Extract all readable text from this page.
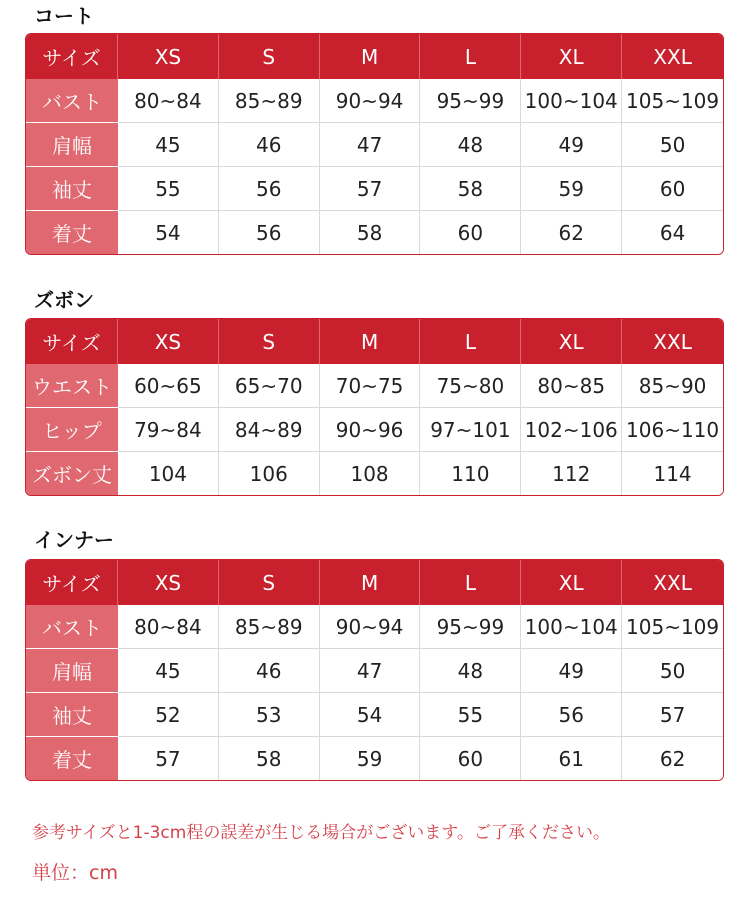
コート
サイズ	XS	S	M	L	XL	XXL
バスト	80~84	85~89	90~94	95~99	100~104	105~109
肩幅	45	46	47	48	49	50
袖丈	55	56	57	58	59	60
着丈	54	56	58	60	62	64
ズボン
サイズ	XS	S	M	L	XL	XXL
ウエスト	60~65	65~70	70~75	75~80	80~85	85~90
ヒップ	79~84	84~89	90~96	97~101	102~106	106~110
ズボン丈	104	106	108	110	112	114
インナー
サイズ	XS	S	M	L	XL	XXL
バスト	80~84	85~89	90~94	95~99	100~104	105~109
肩幅	45	46	47	48	49	50
袖丈	52	53	54	55	56	57
着丈	57	58	59	60	61	62

参考サイズと1-3cm程の誤差が生じる場合がございます。ご了承ください。

単位：cm
